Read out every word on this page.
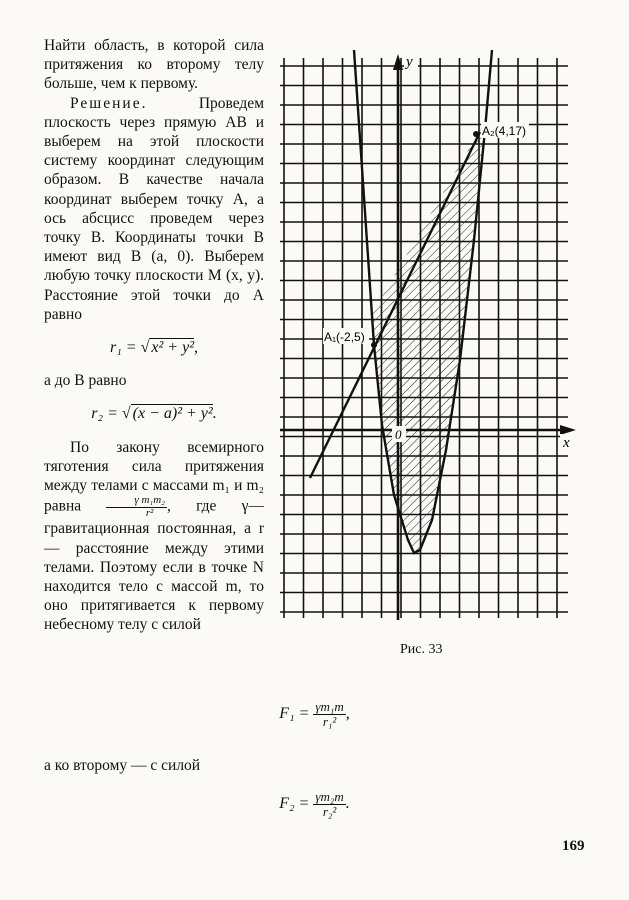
Найти область, в которой сила притяжения ко второму телу больше, чем к первому.

Решение. Проведем плоскость через прямую AB и выберем на этой плоскости систему координат следующим образом. В качестве начала координат выберем точку A, а ось абсцисс проведем через точку B. Координаты точки B имеют вид B (a, 0). Выберем любую точку плоскости M (x, y). Расстояние этой точки до A равно

r₁ = √ x² + y²,

а до B равно

r₂ = √ (x − a)² + y².

По закону всемирного тяготения сила притяжения между телами с массами m₁ и m₂ равна $\frac{\text{γ m₁m₂}}{\text{r²}}$ , где γ—гравитационная постоянная, а r — расстояние между этими телами. Поэтому если в точке N находится тело с массой m, то оно притягивается к первому небесному телу с силой

y
x
0
A₁(-2,5)
A₂(4,17)
Рис. 33
$F_1 = \frac{\text{γm₁m}}{\text{r₁²}}$ ,
а ко второму — с силой
$F_2 = \frac{\text{γm₂m}}{\text{r₂²}}$ .
169
